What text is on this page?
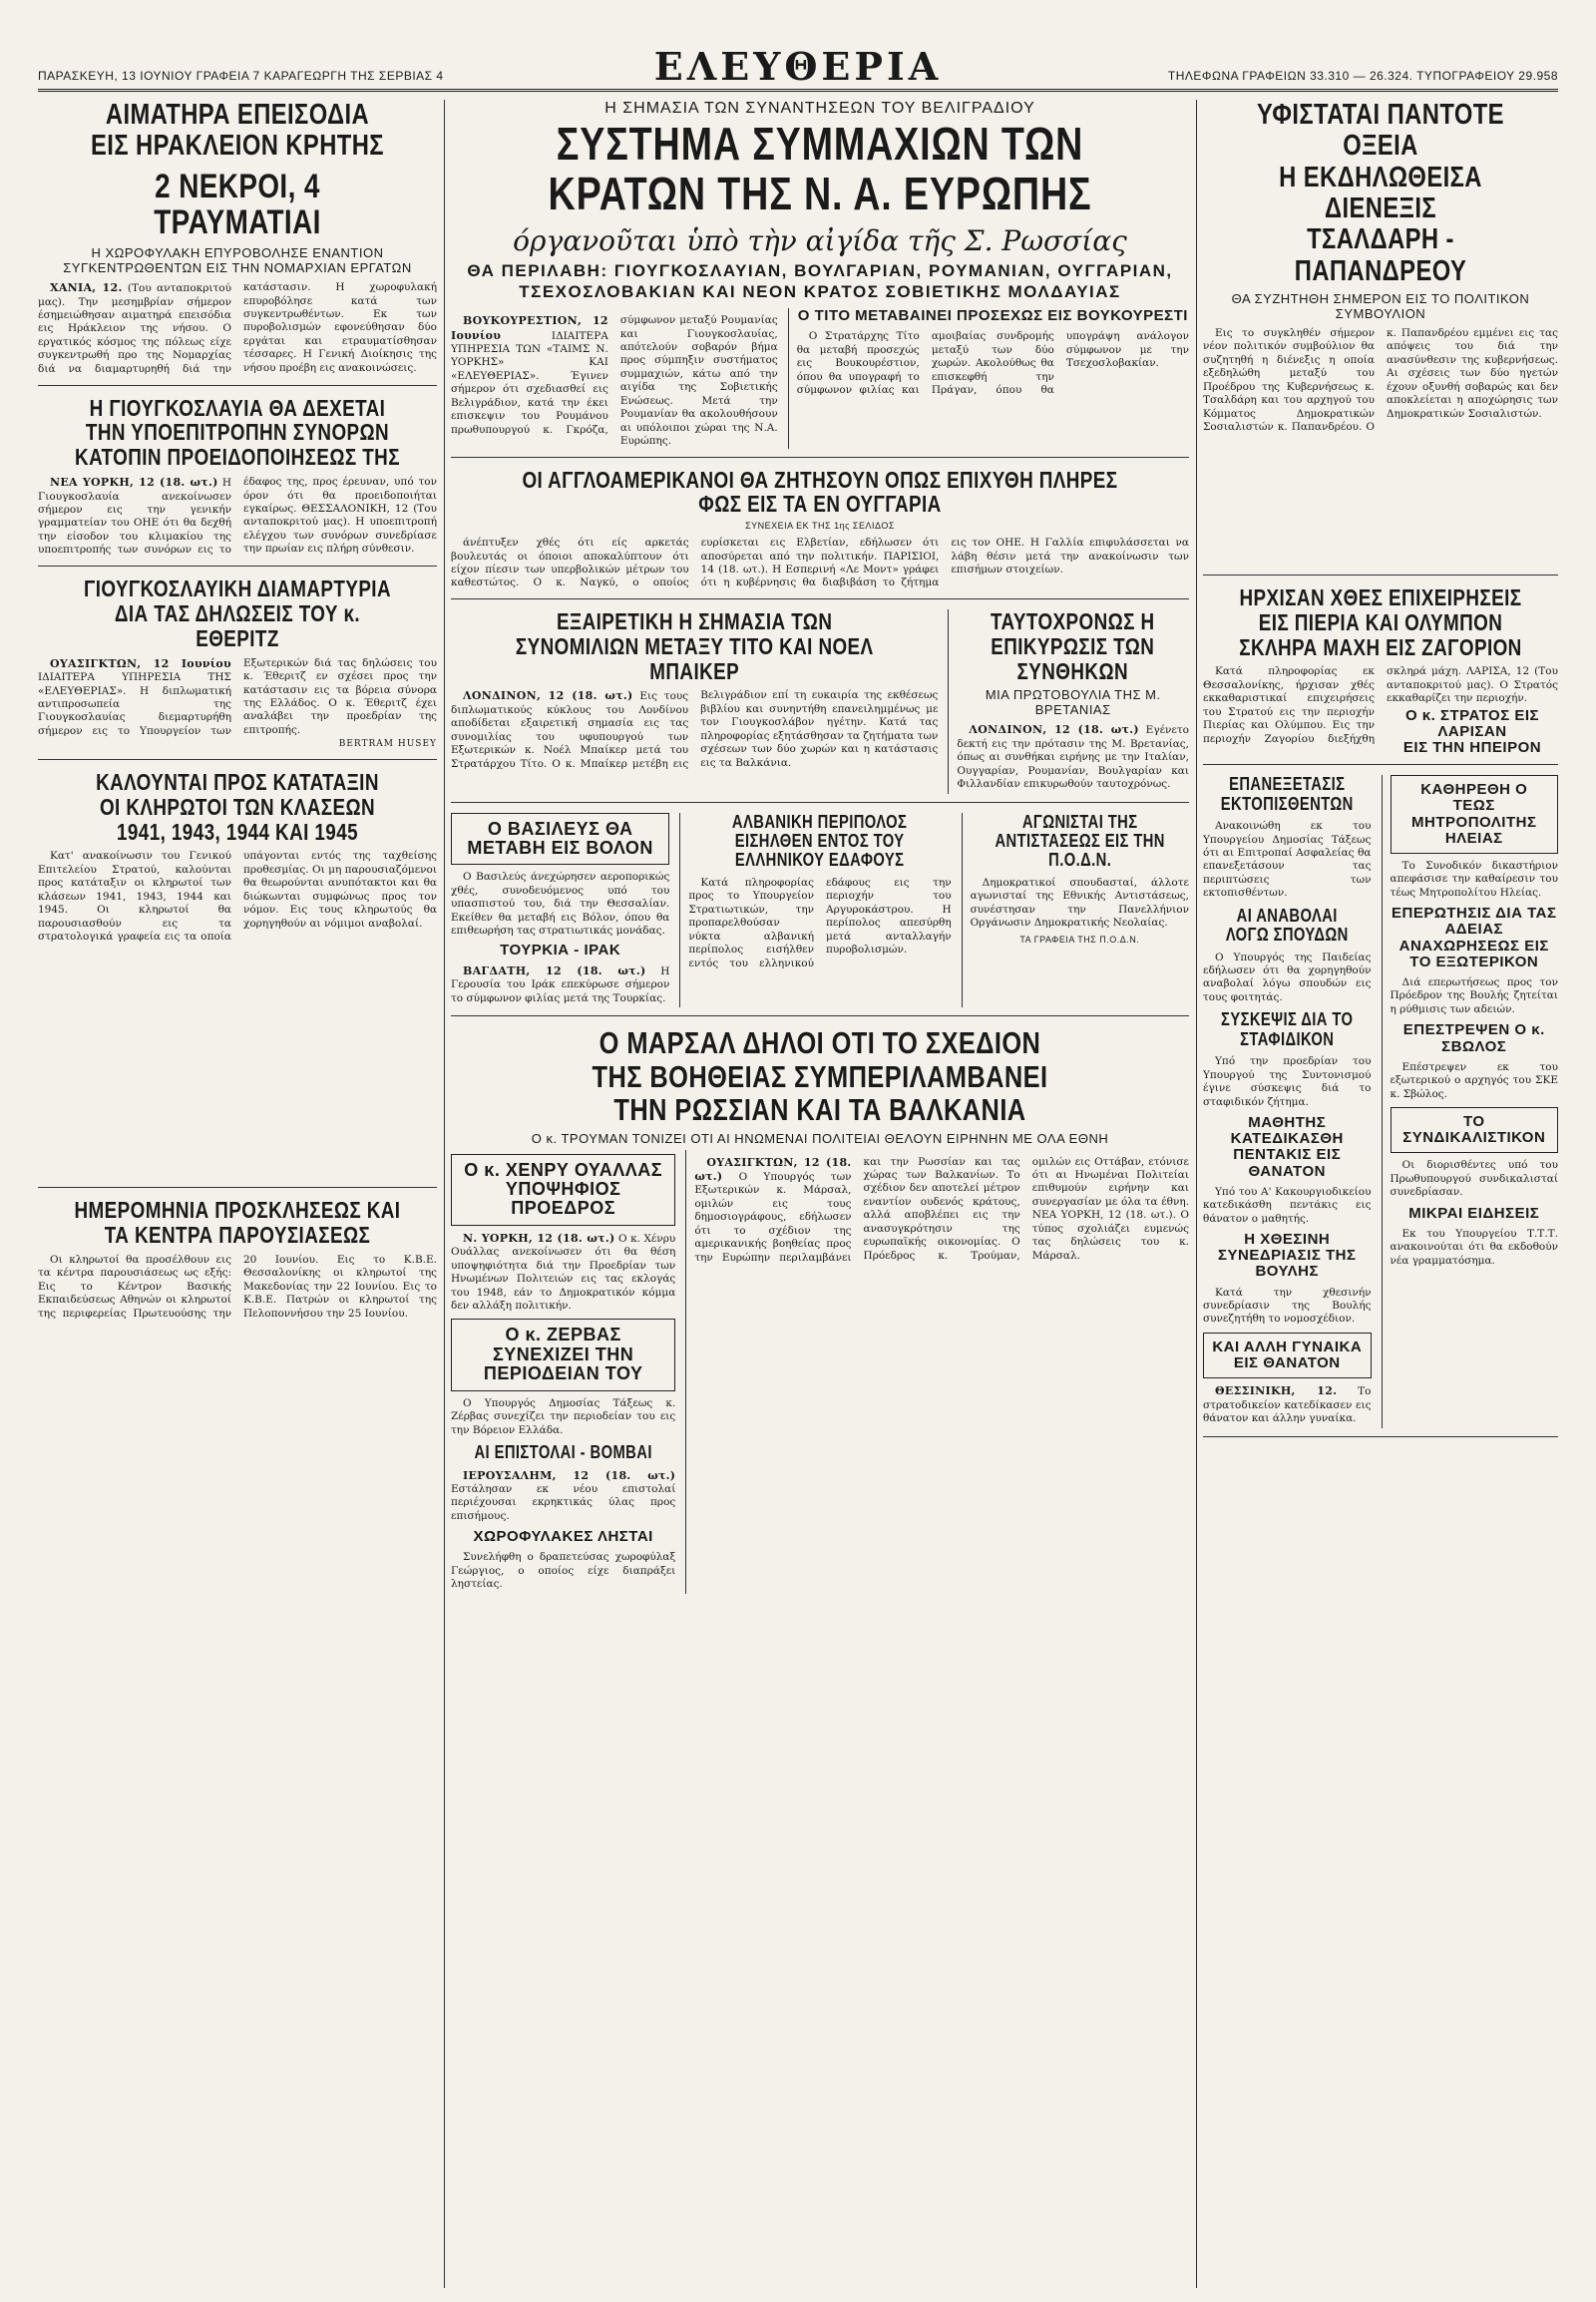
ΠΑΡΑΣΚΕΥΗ, 13 ΙΟΥΝΙΟΥ ΓΡΑΦΕΙΑ 7 ΚΑΡΑΓΕΩΡΓΗ ΤΗΣ ΣΕΡΒΙΑΣ 4	ΕΛΕΥΘΕΡΙΑ	ΤΗΛΕΦΩΝΑ ΓΡΑΦΕΙΩΝ 33.310 — 26.324. ΤΥΠΟΓΡΑΦΕΙΟΥ 29.958
ΑΙΜΑΤΗΡΑ ΕΠΕΙΣΟΔΙΑ
ΕΙΣ ΗΡΑΚΛΕΙΟΝ ΚΡΗΤΗΣ
2 ΝΕΚΡΟΙ, 4 ΤΡΑΥΜΑΤΙΑΙ
Η ΧΩΡΟΦΥΛΑΚΗ ΕΠΥΡΟΒΟΛΗΣΕ ΕΝΑΝΤΙΟΝ ΣΥΓΚΕΝΤΡΩΘΕΝΤΩΝ ΕΙΣ ΤΗΝ ΝΟΜΑΡΧΙΑΝ ΕΡΓΑΤΩΝ

ΧΑΝΙΑ, 12. (Του ανταποκριτού μας). Την μεσημβρίαν σήμερον έσημειώθησαν αιματηρά επεισόδια εις Ηράκλειον της νήσου. Ο εργατικός κόσμος της πόλεως είχε συγκεντρωθή προ της Νομαρχίας διά να διαμαρτυρηθή διά την κατάστασιν. Η χωροφυλακή επυροβόλησε κατά των συγκεντρωθέντων. Εκ των πυροβολισμών εφονεύθησαν δύο εργάται και ετραυματίσθησαν τέσσαρες. Η Γενική Διοίκησις της νήσου προέβη εις ανακοινώσεις.

Η ΓΙΟΥΓΚΟΣΛΑΥΙΑ ΘΑ ΔΕΧΕΤΑΙ ΤΗΝ ΥΠΟΕΠΙΤΡΟΠΗΝ ΣΥΝΟΡΩΝ ΚΑΤΟΠΙΝ ΠΡΟΕΙΔΟΠΟΙΗΣΕΩΣ ΤΗΣ

ΝΕΑ ΥΟΡΚΗ, 12 (18. ωτ.) Η Γιουγκοσλαυία ανεκοίνωσεν σήμερον εις την γενικήν γραμματείαν του ΟΗΕ ότι θα δεχθή την είσοδον του κλιμακίου της υποεπιτροπής των συνόρων εις το έδαφος της, προς έρευναν, υπό τον όρον ότι θα προειδοποιήται εγκαίρως. ΘΕΣΣΑΛΟΝΙΚΗ, 12 (Του ανταποκριτού μας). Η υποεπιτροπή ελέγχου των συνόρων συνεδρίασε την πρωίαν εις πλήρη σύνθεσιν.

ΓΙΟΥΓΚΟΣΛΑΥΙΚΗ ΔΙΑΜΑΡΤΥΡΙΑ ΔΙΑ ΤΑΣ ΔΗΛΩΣΕΙΣ ΤΟΥ κ. ΕΘΕΡΙΤΖ

ΟΥΑΣΙΓΚΤΩΝ, 12 Ιουνίου ΙΔΙΑΙΤΕΡΑ ΥΠΗΡΕΣΙΑ ΤΗΣ «ΕΛΕΥΘΕΡΙΑΣ». Η διπλωματική αντιπροσωπεία της Γιουγκοσλαυίας διεμαρτυρήθη σήμερον εις το Υπουργείον των Εξωτερικών διά τας δηλώσεις του κ. Έθεριτζ εν σχέσει προς την κατάστασιν εις τα βόρεια σύνορα της Ελλάδος. Ο κ. Έθεριτζ έχει αναλάβει την προεδρίαν της επιτροπής.

BERTRAM HUSEY
ΚΑΛΟΥΝΤΑΙ ΠΡΟΣ ΚΑΤΑΤΑΞΙΝ
ΟΙ ΚΛΗΡΩΤΟΙ ΤΩΝ ΚΛΑΣΕΩΝ
1941, 1943, 1944 ΚΑΙ 1945

Κατ' ανακοίνωσιν του Γενικού Επιτελείου Στρατού, καλούνται προς κατάταξιν οι κληρωτοί των κλάσεων 1941, 1943, 1944 και 1945. Οι κληρωτοί θα παρουσιασθούν εις τα στρατολογικά γραφεία εις τα οποία υπάγονται εντός της ταχθείσης προθεσμίας. Οι μη παρουσιαζόμενοι θα θεωρούνται ανυπότακτοι και θα διώκωνται συμφώνως προς τον νόμον. Εις τους κληρωτούς θα χορηγηθούν αι νόμιμοι αναβολαί.

ΗΜΕΡΟΜΗΝΙΑ ΠΡΟΣΚΛΗΣΕΩΣ ΚΑΙ ΤΑ ΚΕΝΤΡΑ ΠΑΡΟΥΣΙΑΣΕΩΣ

Οι κληρωτοί θα προσέλθουν εις τα κέντρα παρουσιάσεως ως εξής: Εις το Κέντρον Βασικής Εκπαιδεύσεως Αθηνών οι κληρωτοί της περιφερείας Πρωτευούσης την 20 Ιουνίου. Εις το Κ.Β.Ε. Θεσσαλονίκης οι κληρωτοί της Μακεδονίας την 22 Ιουνίου. Εις το Κ.Β.Ε. Πατρών οι κληρωτοί της Πελοποννήσου την 25 Ιουνίου.

Η ΣΗΜΑΣΙΑ ΤΩΝ ΣΥΝΑΝΤΗΣΕΩΝ ΤΟΥ ΒΕΛΙΓΡΑΔΙΟΥ
ΣΥΣΤΗΜΑ ΣΥΜΜΑΧΙΩΝ ΤΩΝ
ΚΡΑΤΩΝ ΤΗΣ Ν. Α. ΕΥΡΩΠΗΣ
όργανοῦται ὑπὸ τὴν αἰγίδα τῆς Σ. Ρωσσίας
ΘΑ ΠΕΡΙΛΑΒΗ: ΓΙΟΥΓΚΟΣΛΑΥΙΑΝ, ΒΟΥΛΓΑΡΙΑΝ, ΡΟΥΜΑΝΙΑΝ, ΟΥΓΓΑΡΙΑΝ, ΤΣΕΧΟΣΛΟΒΑΚΙΑΝ ΚΑΙ ΝΕΟΝ ΚΡΑΤΟΣ ΣΟΒΙΕΤΙΚΗΣ ΜΟΛΔΑΥΙΑΣ

ΒΟΥΚΟΥΡΕΣΤΙΟΝ, 12 Ιουνίου	ΙΔΙΑΙΤΕΡΑ ΥΠΗΡΕΣΙΑ ΤΩΝ «ΤΑΙΜΣ Ν. ΥΟΡΚΗΣ» ΚΑΙ «ΕΛΕΥΘΕΡΙΑΣ». Έγινεν σήμερον ότι σχεδιασθεί εις Βελιγράδιον, κατά την έκει επισκεψιν του Ρουμάνου πρωθυπουργού κ. Γκρόζα, σύμφωνον μεταξύ Ρουμανίας και Γιουγκοσλαυίας, απότελούν σοβαρόν βήμα προς σύμπηξιν συστήματος συμμαχιών, κάτω από την αιγίδα της Σοβιετικής Ενώσεως. Μετά την Ρουμανίαν θα ακολουθήσουν αι υπόλοιποι χώραι της Ν.Α. Ευρώπης.

Ο ΤΙΤΟ ΜΕΤΑΒΑΙΝΕΙ ΠΡΟΣΕΧΩΣ ΕΙΣ ΒΟΥΚΟΥΡΕΣΤΙ

Ο Στρατάρχης Τίτο θα μεταβή προσεχώς εις Βουκουρέστιον, όπου θα υπογραφή το σύμφωνον φιλίας και αμοιβαίας συνδρομής μεταξύ των δύο χωρών. Ακολούθως θα επισκεφθή την Πράγαν, όπου θα υπογράψη ανάλογον σύμφωνον με την Τσεχοσλοβακίαν.

ΟΙ ΑΓΓΛΟΑΜΕΡΙΚΑΝΟΙ ΘΑ ΖΗΤΗΣΟΥΝ ΟΠΩΣ ΕΠΙΧΥΘΗ ΠΛΗΡΕΣ ΦΩΣ ΕΙΣ ΤΑ ΕΝ ΟΥΓΓΑΡΙΑ
ΣΥΝΕΧΕΙΑ ΕΚ ΤΗΣ 1ης ΣΕΛΙΔΟΣ

άνέπτυξεν χθές ότι είς αρκετάς βουλευτάς οι όποιοι αποκαλύπτουν ότι είχον πίεσιν των υπερβολικών μέτρων του καθεστώτος. Ο κ. Ναγκύ, ο οποίος ευρίσκεται εις Ελβετίαν, εδήλωσεν ότι αποσύρεται από την πολιτικήν. ΠΑΡΙΣΙΟΙ, 14 (18. ωτ.). Η Εσπερινή «Λε Μοντ» γράφει ότι η κυβέρνησις θα διαβιβάση το ζήτημα εις τον ΟΗΕ. Η Γαλλία επιφυλάσσεται να λάβη θέσιν μετά την ανακοίνωσιν των επισήμων στοιχείων.

ΕΞΑΙΡΕΤΙΚΗ Η ΣΗΜΑΣΙΑ ΤΩΝ ΣΥΝΟΜΙΛΙΩΝ ΜΕΤΑΞΥ ΤΙΤΟ ΚΑΙ ΝΟΕΛ ΜΠΑΙΚΕΡ

ΛΟΝΔΙΝΟΝ, 12 (18. ωτ.) Εις τους διπλωματικούς κύκλους του Λονδίνου αποδίδεται εξαιρετική σημασία εις τας συνομιλίας του υφυπουργού των Εξωτερικών κ. Νοέλ Μπαίκερ μετά του Στρατάρχου Τίτο. Ο κ. Μπαίκερ μετέβη εις Βελιγράδιον επί τη ευκαιρία της εκθέσεως βιβλίου και συνηντήθη επανειλημμένως με τον Γιουγκοσλάβον ηγέτην. Κατά τας πληροφορίας εξητάσθησαν τα ζητήματα των σχέσεων των δύο χωρών και η κατάστασις εις τα Βαλκάνια.

ΤΑΥΤΟΧΡΟΝΩΣ Η ΕΠΙΚΥΡΩΣΙΣ ΤΩΝ ΣΥΝΘΗΚΩΝ
ΜΙΑ ΠΡΩΤΟΒΟΥΛΙΑ ΤΗΣ Μ. ΒΡΕΤΑΝΙΑΣ

ΛΟΝΔΙΝΟΝ, 12 (18. ωτ.) Εγένετο δεκτή εις την πρότασιν της Μ. Βρετανίας, όπως αι συνθήκαι ειρήνης με την Ιταλίαν, Ουγγαρίαν, Ρουμανίαν, Βουλγαρίαν και Φιλλανδίαν επικυρωθούν ταυτοχρόνως.

Ο ΒΑΣΙΛΕΥΣ ΘΑ ΜΕΤΑΒΗ ΕΙΣ ΒΟΛΟΝ

Ο Βασιλεύς άνεχώρησεν αεροπορικώς χθές, συνοδευόμενος υπό του υπασπιστού του, διά την Θεσσαλίαν. Εκείθεν θα μεταβή εις Βόλον, όπου θα επιθεωρήση τας στρατιωτικάς μονάδας.

ΤΟΥΡΚΙΑ - ΙΡΑΚ

ΒΑΓΔΑΤΗ, 12 (18. ωτ.) Η Γερουσία του Ιράκ επεκύρωσε σήμερον το σύμφωνον φιλίας μετά της Τουρκίας.

ΑΛΒΑΝΙΚΗ ΠΕΡΙΠΟΛΟΣ ΕΙΣΗΛΘΕΝ ΕΝΤΟΣ ΤΟΥ ΕΛΛΗΝΙΚΟΥ ΕΔΑΦΟΥΣ

Κατά πληροφορίας προς το Υπουργείον Στρατιωτικών, την προπαρελθούσαν νύκτα αλβανική περίπολος εισήλθεν εντός του ελληνικού εδάφους εις την περιοχήν του Αργυροκάστρου. Η περίπολος απεσύρθη μετά ανταλλαγήν πυροβολισμών.

ΑΓΩΝΙΣΤΑΙ ΤΗΣ ΑΝΤΙΣΤΑΣΕΩΣ ΕΙΣ ΤΗΝ Π.Ο.Δ.Ν.

Δημοκρατικοί σπουδασταί, άλλοτε αγωνισταί της Εθνικής Αντιστάσεως, συνέστησαν την Πανελλήνιον Οργάνωσιν Δημοκρατικής Νεολαίας.

ΤΑ ΓΡΑΦΕΙΑ ΤΗΣ Π.Ο.Δ.Ν.
Ο ΜΑΡΣΑΛ ΔΗΛΟΙ ΟΤΙ ΤΟ ΣΧΕΔΙΟΝ
ΤΗΣ ΒΟΗΘΕΙΑΣ ΣΥΜΠΕΡΙΛΑΜΒΑΝΕΙ
ΤΗΝ ΡΩΣΣΙΑΝ ΚΑΙ ΤΑ ΒΑΛΚΑΝΙΑ
Ο κ. ΤΡΟΥΜΑΝ ΤΟΝΙΖΕΙ ΟΤΙ ΑΙ ΗΝΩΜΕΝΑΙ ΠΟΛΙΤΕΙΑΙ ΘΕΛΟΥΝ ΕΙΡΗΝΗΝ ΜΕ ΟΛΑ ΕΘΝΗ
Ο κ. ΧΕΝΡΥ ΟΥΑΛΛΑΣ ΥΠΟΨΗΦΙΟΣ ΠΡΟΕΔΡΟΣ

Ν. ΥΟΡΚΗ, 12 (18. ωτ.) Ο κ. Χένρυ Ουάλλας ανεκοίνωσεν ότι θα θέση υποψηφιότητα διά την Προεδρίαν των Ηνωμένων Πολιτειών εις τας εκλογάς του 1948, εάν το Δημοκρατικόν κόμμα δεν αλλάξη πολιτικήν.

Ο κ. ΖΕΡΒΑΣ ΣΥΝΕΧΙΖΕΙ ΤΗΝ ΠΕΡΙΟΔΕΙΑΝ ΤΟΥ

Ο Υπουργός Δημοσίας Τάξεως κ. Ζέρβας συνεχίζει την περιοδείαν του εις την Βόρειον Ελλάδα.

ΑΙ ΕΠΙΣΤΟΛΑΙ - ΒΟΜΒΑΙ

ΙΕΡΟΥΣΑΛΗΜ, 12 (18. ωτ.) Εστάλησαν εκ νέου επιστολαί περιέχουσαι εκρηκτικάς ύλας προς επισήμους.

ΧΩΡΟΦΥΛΑΚΕΣ ΛΗΣΤΑΙ

Συνελήφθη ο δραπετεύσας χωροφύλαξ Γεώργιος, ο οποίος είχε διαπράξει ληστείας.

ΟΥΑΣΙΓΚΤΩΝ, 12 (18. ωτ.) Ο Υπουργός των Εξωτερικών κ. Μάρσαλ, ομιλών εις τους δημοσιογράφους, εδήλωσεν ότι το σχέδιον της αμερικανικής βοηθείας προς την Ευρώπην περιλαμβάνει και την Ρωσσίαν και τας χώρας των Βαλκανίων. Το σχέδιον δεν αποτελεί μέτρον εναντίον ουδενός κράτους, αλλά αποβλέπει εις την ανασυγκρότησιν της ευρωπαϊκής οικονομίας. Ο Πρόεδρος κ. Τρούμαν, ομιλών εις Οττάβαν, ετόνισε ότι αι Ηνωμέναι Πολιτείαι επιθυμούν ειρήνην και συνεργασίαν με όλα τα έθνη. ΝΕΑ ΥΟΡΚΗ, 12 (18. ωτ.). Ο τύπος σχολιάζει ευμενώς τας δηλώσεις του κ. Μάρσαλ.

ΥΦΙΣΤΑΤΑΙ ΠΑΝΤΟΤΕ ΟΞΕΙΑ
Η ΕΚΔΗΛΩΘΕΙΣΑ ΔΙΕΝΕΞΙΣ
ΤΣΑΛΔΑΡΗ - ΠΑΠΑΝΔΡΕΟΥ
ΘΑ ΣΥΖΗΤΗΘΗ ΣΗΜΕΡΟΝ ΕΙΣ ΤΟ ΠΟΛΙΤΙΚΟΝ ΣΥΜΒΟΥΛΙΟΝ

Εις το συγκληθέν σήμερον νέον πολιτικόν συμβούλιον θα συζητηθή η διένεξις η οποία εξεδηλώθη μεταξύ του Προέδρου της Κυβερνήσεως κ. Τσαλδάρη και του αρχηγού του Κόμματος Δημοκρατικών Σοσιαλιστών κ. Παπανδρέου. Ο κ. Παπανδρέου εμμένει εις τας απόψεις του διά την ανασύνθεσιν της κυβερνήσεως. Αι σχέσεις των δύο ηγετών έχουν οξυνθή σοβαρώς και δεν αποκλείεται η αποχώρησις των Δημοκρατικών Σοσιαλιστών.

ΗΡΧΙΣΑΝ ΧΘΕΣ ΕΠΙΧΕΙΡΗΣΕΙΣ
ΕΙΣ ΠΙΕΡΙΑ ΚΑΙ ΟΛΥΜΠΟΝ
ΣΚΛΗΡΑ ΜΑΧΗ ΕΙΣ ΖΑΓΟΡΙΟΝ

Κατά πληροφορίας εκ Θεσσαλονίκης, ήρχισαν χθές εκκαθαριστικαί επιχειρήσεις του Στρατού εις την περιοχήν Πιερίας και Ολύμπου. Εις την περιοχήν Ζαγορίου διεξήχθη σκληρά μάχη. ΛΑΡΙΣΑ, 12 (Του ανταποκριτού μας). Ο Στρατός εκκαθαρίζει την περιοχήν.

Ο κ. ΣΤΡΑΤΟΣ ΕΙΣ ΛΑΡΙΣΑΝ
ΕΙΣ ΤΗΝ ΗΠΕΙΡΟΝ
ΕΠΑΝΕΞΕΤΑΣΙΣ ΕΚΤΟΠΙΣΘΕΝΤΩΝ

Ανακοινώθη εκ του Υπουργείου Δημοσίας Τάξεως ότι αι Επιτροπαί Ασφαλείας θα επανεξετάσουν τας περιπτώσεις των εκτοπισθέντων.

ΑΙ ΑΝΑΒΟΛΑΙ ΛΟΓΩ ΣΠΟΥΔΩΝ

Ο Υπουργός της Παιδείας εδήλωσεν ότι θα χορηγηθούν αναβολαί λόγω σπουδών εις τους φοιτητάς.

ΣΥΣΚΕΨΙΣ ΔΙΑ ΤΟ ΣΤΑΦΙΔΙΚΟΝ

Υπό την προεδρίαν του Υπουργού της Συντονισμού έγινε σύσκεψις διά το σταφιδικόν ζήτημα.

ΜΑΘΗΤΗΣ ΚΑΤΕΔΙΚΑΣΘΗ ΠΕΝΤΑΚΙΣ ΕΙΣ ΘΑΝΑΤΟΝ

Υπό του Α' Κακουργιοδικείου κατεδικάσθη πεντάκις εις θάνατον ο μαθητής.

Η ΧΘΕΣΙΝΗ ΣΥΝΕΔΡΙΑΣΙΣ ΤΗΣ ΒΟΥΛΗΣ

Κατά την χθεσινήν συνεδρίασιν της Βουλής συνεζητήθη το νομοσχέδιον.

ΚΑΙ ΑΛΛΗ ΓΥΝΑΙΚΑ ΕΙΣ ΘΑΝΑΤΟΝ

ΘΕΣΣΙΝΙΚΗ, 12. Το στρατοδικείον κατεδίκασεν εις θάνατον και άλλην γυναίκα.

ΚΑΘΗΡΕΘΗ Ο ΤΕΩΣ ΜΗΤΡΟΠΟΛΙΤΗΣ ΗΛΕΙΑΣ

Το Συνοδικόν δικαστήριον απεφάσισε την καθαίρεσιν του τέως Μητροπολίτου Ηλείας.

ΕΠΕΡΩΤΗΣΙΣ ΔΙΑ ΤΑΣ ΑΔΕΙΑΣ ΑΝΑΧΩΡΗΣΕΩΣ ΕΙΣ ΤΟ ΕΞΩΤΕΡΙΚΟΝ

Διά επερωτήσεως προς τον Πρόεδρον της Βουλής ζητείται η ρύθμισις των αδειών.

ΕΠΕΣΤΡΕΨΕΝ Ο κ. ΣΒΩΛΟΣ

Επέστρεψεν εκ του εξωτερικού ο αρχηγός του ΣΚΕ κ. Σβώλος.

ΤΟ ΣΥΝΔΙΚΑΛΙΣΤΙΚΟΝ

Οι διορισθέντες υπό του Πρωθυπουργού συνδικαλισταί συνεδρίασαν.

ΜΙΚΡΑΙ ΕΙΔΗΣΕΙΣ

Εκ του Υπουργείου Τ.Τ.Τ. ανακοινούται ότι θα εκδοθούν νέα γραμματόσημα.
